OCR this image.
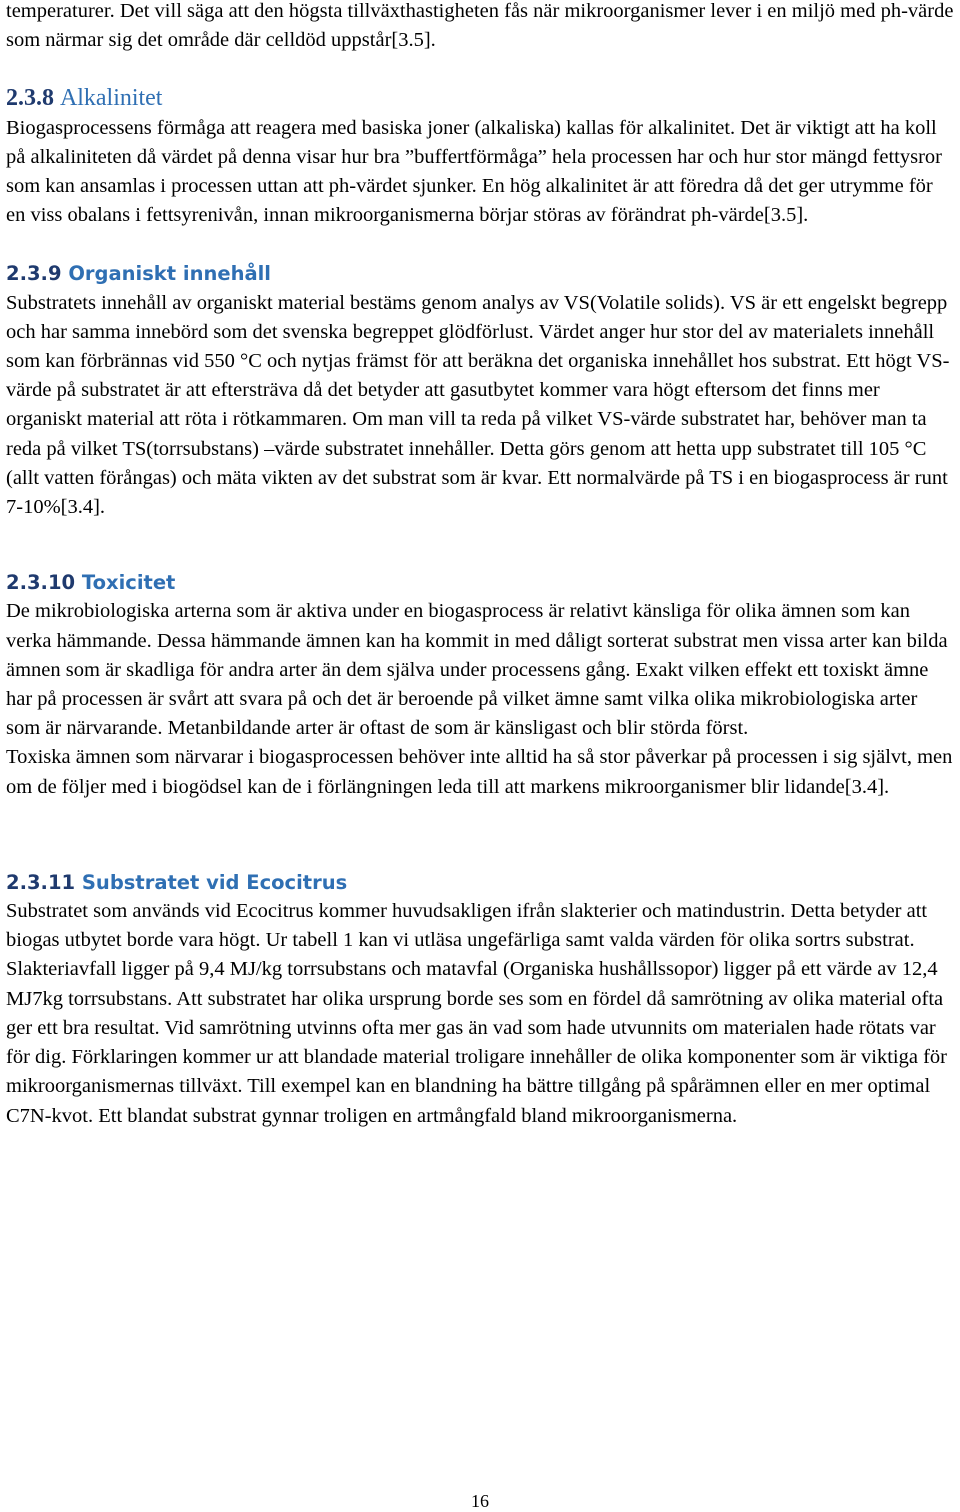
temperaturer. Det vill säga att den högsta tillväxthastigheten fås när mikroorganismer lever i en miljö med ph-värde som närmar sig det område där celldöd uppstår[3.5].

2.3.8 Alkalinitet

Biogasprocessens förmåga att reagera med basiska joner (alkaliska) kallas för alkalinitet. Det är viktigt att ha koll på alkaliniteten då värdet på denna visar hur bra ”buffertförmåga” hela processen har och hur stor mängd fettysror som kan ansamlas i processen uttan att ph-värdet sjunker. En hög alkalinitet är att föredra då det ger utrymme för en viss obalans i fettsyrenivån, innan mikroorganismerna börjar störas av förändrat ph-värde[3.5].

2.3.9 Organiskt innehåll

Substratets innehåll av organiskt material bestäms genom analys av VS(Volatile solids). VS är ett engelskt begrepp och har samma innebörd som det svenska begreppet glödförlust. Värdet anger hur stor del av materialets innehåll som kan förbrännas vid 550 °C och nytjas främst för att beräkna det organiska innehållet hos substrat. Ett högt VS-värde på substratet är att eftersträva då det betyder att gasutbytet kommer vara högt eftersom det finns mer organiskt material att röta i rötkammaren. Om man vill ta reda på vilket VS-värde substratet har, behöver man ta reda på vilket TS(torrsubstans) –värde substratet innehåller. Detta görs genom att hetta upp substratet till 105 °C (allt vatten förångas) och mäta vikten av det substrat som är kvar. Ett normalvärde på TS i en biogasprocess är runt 7-10%[3.4].

2.3.10 Toxicitet

De mikrobiologiska arterna som är aktiva under en biogasprocess är relativt känsliga för olika ämnen som kan verka hämmande. Dessa hämmande ämnen kan ha kommit in med dåligt sorterat substrat men vissa arter kan bilda ämnen som är skadliga för andra arter än dem själva under processens gång. Exakt vilken effekt ett toxiskt ämne har på processen är svårt att svara på och det är beroende på vilket ämne samt vilka olika mikrobiologiska arter som är närvarande. Metanbildande arter är oftast de som är känsligast och blir störda först.

Toxiska ämnen som närvarar i biogasprocessen behöver inte alltid ha så stor påverkar på processen i sig självt, men om de följer med i biogödsel kan de i förlängningen leda till att markens mikroorganismer blir lidande[3.4].

2.3.11 Substratet vid Ecocitrus

Substratet som används vid Ecocitrus kommer huvudsakligen ifrån slakterier och matindustrin. Detta betyder att biogas utbytet borde vara högt. Ur tabell 1 kan vi utläsa ungefärliga samt valda värden för olika sortrs substrat. Slakteriavfall ligger på 9,4 MJ/kg torrsubstans och matavfal (Organiska hushållssopor) ligger på ett värde av 12,4 MJ7kg torrsubstans. Att substratet har olika ursprung borde ses som en fördel då samrötning av olika material ofta ger ett bra resultat. Vid samrötning utvinns ofta mer gas än vad som hade utvunnits om materialen hade rötats var för dig. Förklaringen kommer ur att blandade material troligare innehåller de olika komponenter som är viktiga för mikroorganismernas tillväxt. Till exempel kan en blandning ha bättre tillgång på spårämnen eller en mer optimal C7N-kvot. Ett blandat substrat gynnar troligen en artmångfald bland mikroorganismerna.

16
